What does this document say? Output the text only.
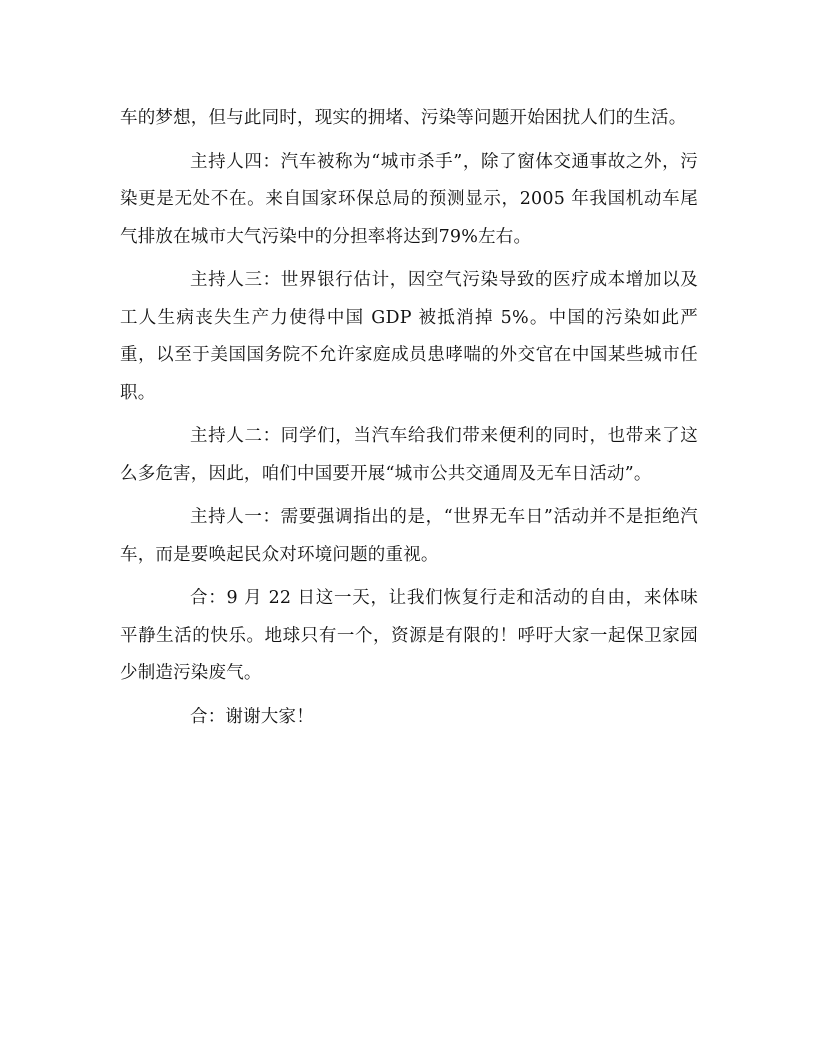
车的梦想，但与此同时，现实的拥堵、污染等问题开始困扰人们的生活。

主持人四：汽车被称为“城市杀手”，除了窗体交通事故之外，污染更是无处不在。来自国家环保总局的预测显示，2005 年我国机动车尾气排放在城市大气污染中的分担率将达到79%左右。

主持人三：世界银行估计，因空气污染导致的医疗成本增加以及工人生病丧失生产力使得中国 GDP 被抵消掉 5%。中国的污染如此严重，以至于美国国务院不允许家庭成员患哮喘的外交官在中国某些城市任职。

主持人二：同学们，当汽车给我们带来便利的同时，也带来了这么多危害，因此，咱们中国要开展“城市公共交通周及无车日活动”。

主持人一：需要强调指出的是，“世界无车日”活动并不是拒绝汽车，而是要唤起民众对环境问题的重视。

合：9 月 22 日这一天，让我们恢复行走和活动的自由，来体味平静生活的快乐。地球只有一个，资源是有限的！呼吁大家一起保卫家园少制造污染废气。

合：谢谢大家！
